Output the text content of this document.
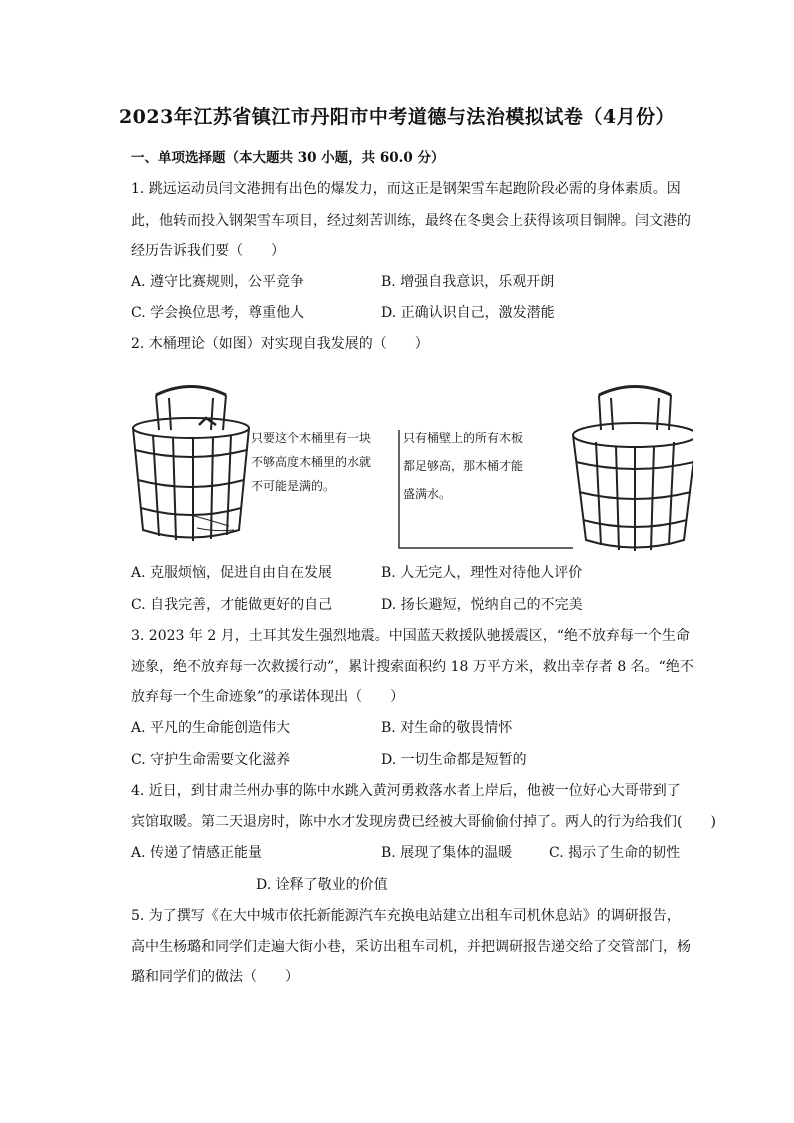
2023年江苏省镇江市丹阳市中考道德与法治模拟试卷（4月份）
一、单项选择题（本大题共 30 小题，共 60.0 分）
1. 跳远运动员闫文港拥有出色的爆发力，而这正是钢架雪车起跑阶段必需的身体素质。因
此，他转而投入钢架雪车项目，经过刻苦训练，最终在冬奥会上获得该项目铜牌。闫文港的
经历告诉我们要（　　）
A. 遵守比赛规则，公平竞争	B. 增强自我意识，乐观开朗
C. 学会换位思考，尊重他人	D. 正确认识自己，激发潜能
2. 木桶理论（如图）对实现自我发展的（　　）
只要这个木桶里有一块
不够高度木桶里的水就
不可能是满的。
只有桶壁上的所有木板
都足够高，那木桶才能
盛满水。
A. 克服烦恼，促进自由自在发展	B. 人无完人，理性对待他人评价
C. 自我完善，才能做更好的自己	D. 扬长避短，悦纳自己的不完美
3. 2023 年 2 月，土耳其发生强烈地震。中国蓝天救援队驰援震区，“绝不放弃每一个生命
迹象，绝不放弃每一次救援行动”，累计搜索面积约 18 万平方米，救出幸存者 8 名。“绝不
放弃每一个生命迹象”的承诺体现出（　　）
A. 平凡的生命能创造伟大	B. 对生命的敬畏情怀
C. 守护生命需要文化滋养	D. 一切生命都是短暂的
4. 近日，到甘肃兰州办事的陈中水跳入黄河勇救落水者上岸后，他被一位好心大哥带到了
宾馆取暖。第二天退房时，陈中水才发现房费已经被大哥偷偷付掉了。两人的行为给我们(　　)
A. 传递了情感正能量	B. 展现了集体的温暖	C. 揭示了生命的韧性
D. 诠释了敬业的价值
5. 为了撰写《在大中城市依托新能源汽车充换电站建立出租车司机休息站》的调研报告，
高中生杨璐和同学们走遍大街小巷，采访出租车司机，并把调研报告递交给了交管部门，杨
璐和同学们的做法（　　）
